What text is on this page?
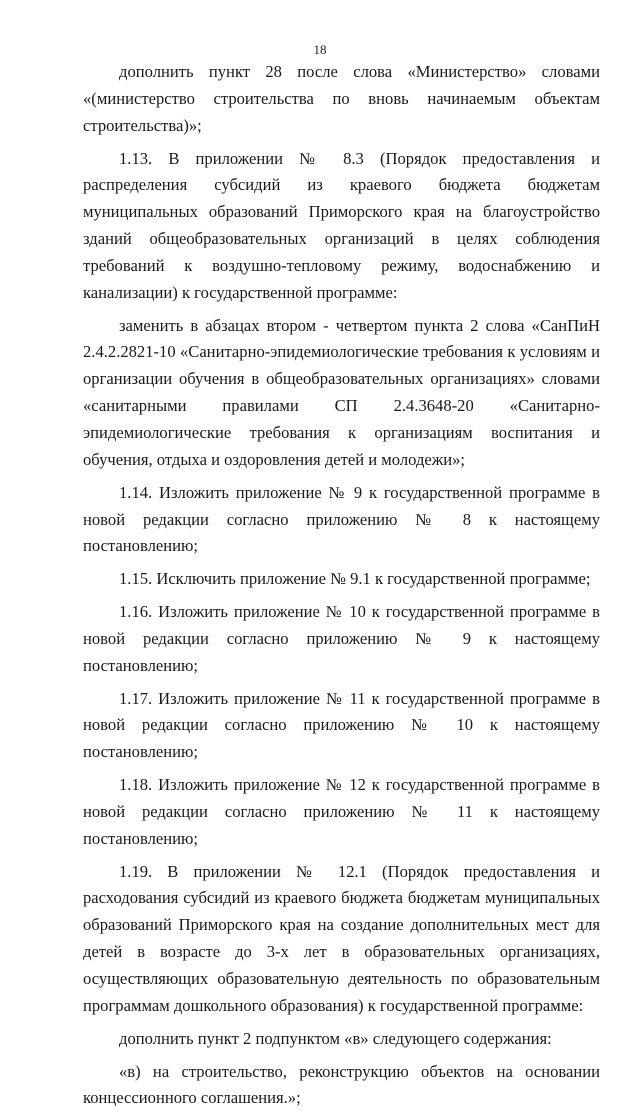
18

дополнить пункт 28 после слова «Министерство» словами «(министерство строительства по вновь начинаемым объектам строительства)»;

1.13. В приложении № 8.3 (Порядок предоставления и распределения субсидий из краевого бюджета бюджетам муниципальных образований Приморского края на благоустройство зданий общеобразовательных организаций в целях соблюдения требований к воздушно-тепловому режиму, водоснабжению и канализации) к государственной программе:

заменить в абзацах втором - четвертом пункта 2 слова «СанПиН 2.4.2.2821-10 «Санитарно-эпидемиологические требования к условиям и организации обучения в общеобразовательных организациях» словами «санитарными правилами СП 2.4.3648-20 «Санитарно-эпидемиологические требования к организациям воспитания и обучения, отдыха и оздоровления детей и молодежи»;

1.14. Изложить приложение № 9 к государственной программе в новой редакции согласно приложению № 8 к настоящему постановлению;

1.15. Исключить приложение № 9.1 к государственной программе;

1.16. Изложить приложение № 10 к государственной программе в новой редакции согласно приложению № 9 к настоящему постановлению;

1.17. Изложить приложение № 11 к государственной программе в новой редакции согласно приложению № 10 к настоящему постановлению;

1.18. Изложить приложение № 12 к государственной программе в новой редакции согласно приложению № 11 к настоящему постановлению;

1.19. В приложении № 12.1 (Порядок предоставления и расходования субсидий из краевого бюджета бюджетам муниципальных образований Приморского края на создание дополнительных мест для детей в возрасте до 3-х лет в образовательных организациях, осуществляющих образовательную деятельность по образовательным программам дошкольного образования) к государственной программе:

дополнить пункт 2 подпунктом «в» следующего содержания:

«в) на строительство, реконструкцию объектов на основании концессионного соглашения.»;
